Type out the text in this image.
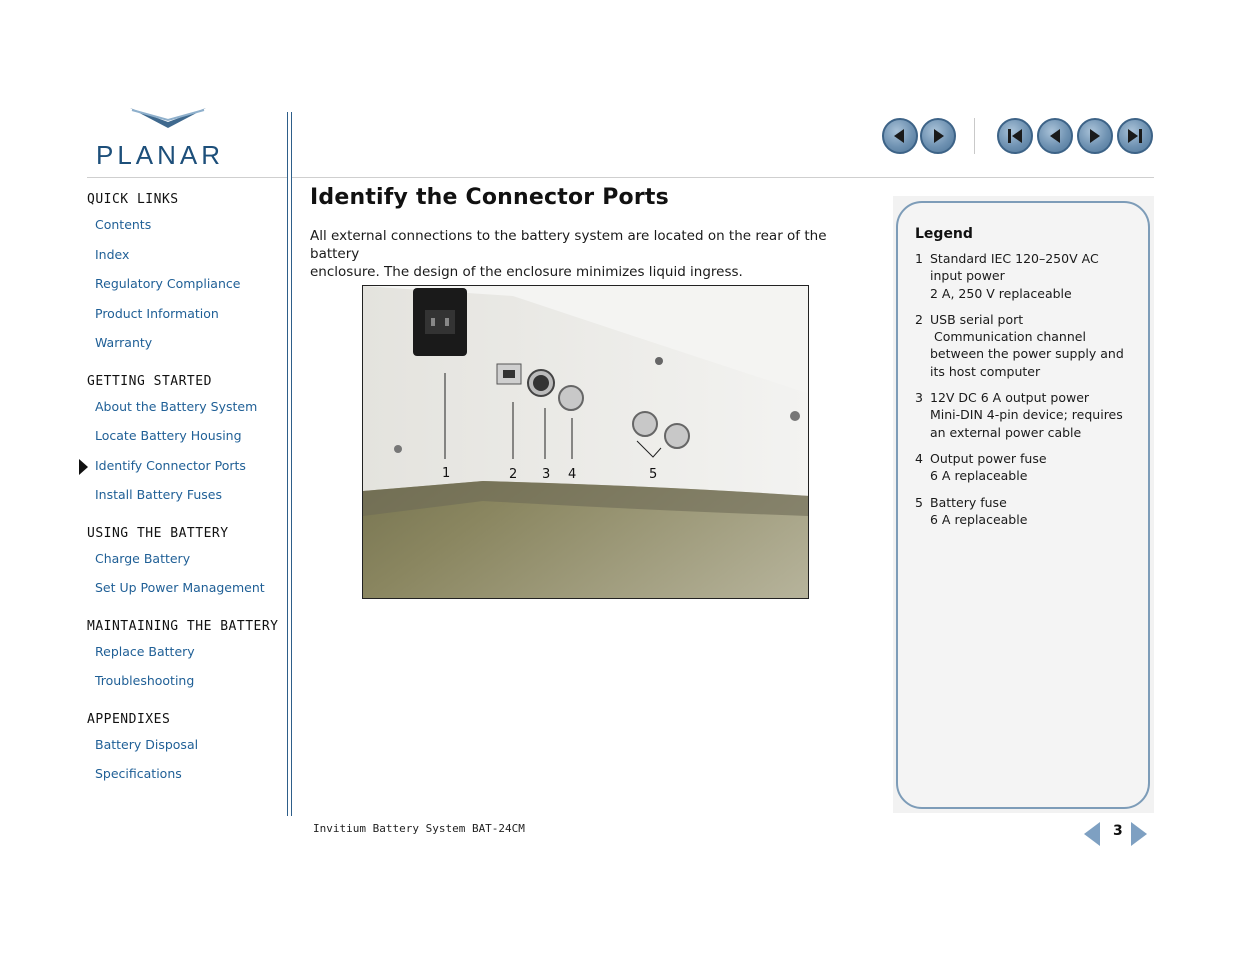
PLANAR
QUICK LINKS
Contents
Index
Regulatory Compliance
Product Information
Warranty
GETTING STARTED
About the Battery System
Locate Battery Housing
Identify Connector Ports
Install Battery Fuses
USING THE BATTERY
Charge Battery
Set Up Power Management
MAINTAINING THE BATTERY
Replace Battery
Troubleshooting
APPENDIXES
Battery Disposal
Specifications
Identify the Connector Ports
All external connections to the battery system are located on the rear of the battery
enclosure. The design of the enclosure minimizes liquid ingress.
1	2 3 4	5
Legend
1 Standard IEC 120–250V AC
input power
2 A, 250 V replaceable
2 USB serial port
Communication channel
between the power supply and
its host computer
3 12V DC 6 A output power
Mini-DIN 4-pin device; requires
an external power cable
4 Output power fuse
6 A replaceable
5 Battery fuse
6 A replaceable
Invitium Battery System BAT-24CM	3
